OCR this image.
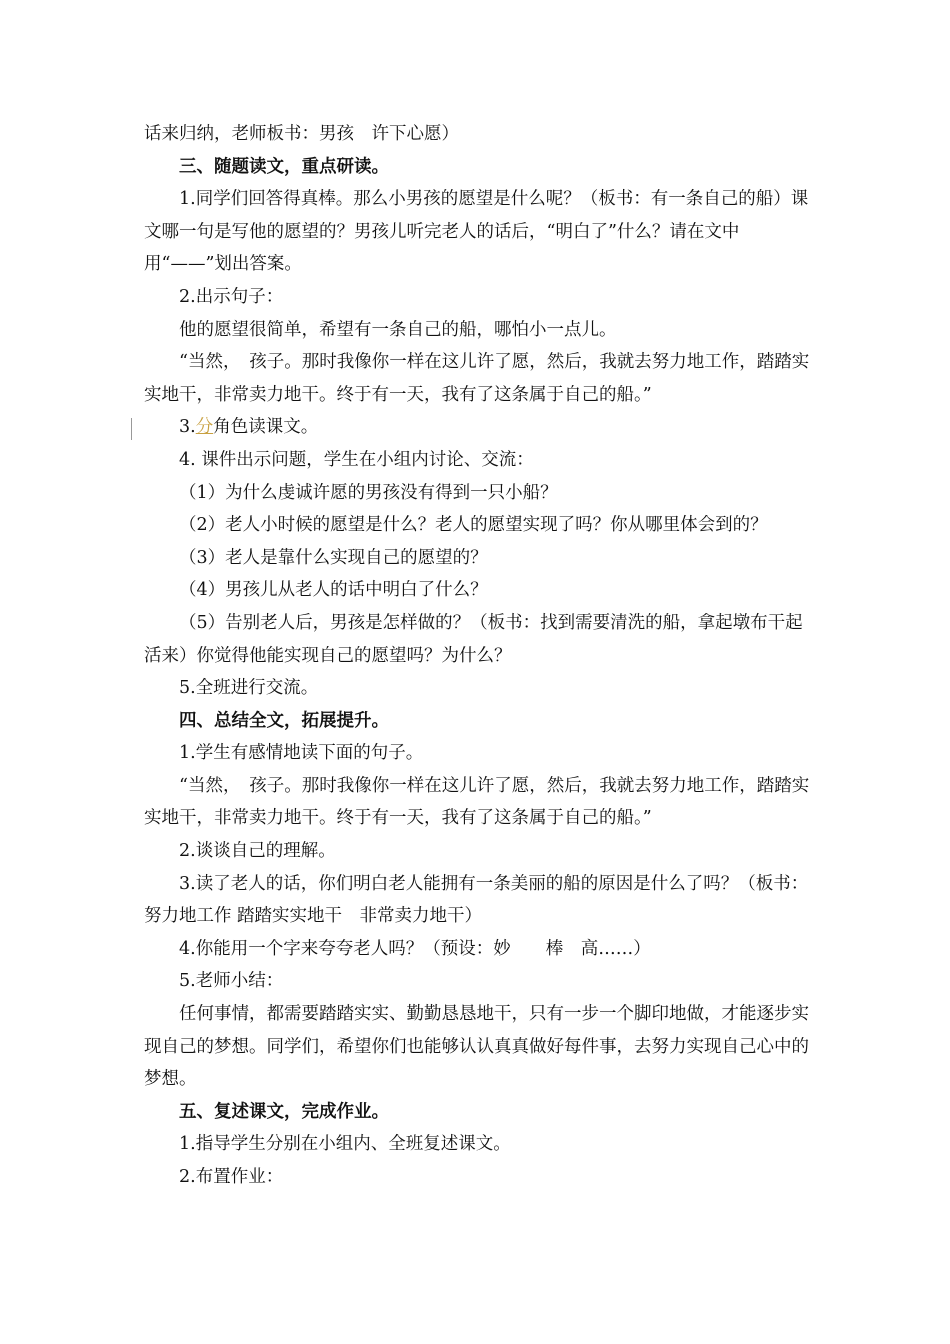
话来归纳，老师板书：男孩　许下心愿）

三、随题读文，重点研读。

1.同学们回答得真棒。那么小男孩的愿望是什么呢？（板书：有一条自己的船）课文哪一句是写他的愿望的？男孩儿听完老人的话后，“明白了”什么？请在文中用“——”划出答案。

2.出示句子：

他的愿望很简单，希望有一条自己的船，哪怕小一点儿。

“当然，　孩子。那时我像你一样在这儿许了愿，然后，我就去努力地工作，踏踏实实地干，非常卖力地干。终于有一天，我有了这条属于自己的船。”

3.分角色读课文。

4. 课件出示问题，学生在小组内讨论、交流：

（1）为什么虔诚许愿的男孩没有得到一只小船？

（2）老人小时候的愿望是什么？老人的愿望实现了吗？你从哪里体会到的？

（3）老人是靠什么实现自己的愿望的？

（4）男孩儿从老人的话中明白了什么？

（5）告别老人后，男孩是怎样做的？（板书：找到需要清洗的船，拿起墩布干起活来）你觉得他能实现自己的愿望吗？为什么？

5.全班进行交流。

四、总结全文，拓展提升。

1.学生有感情地读下面的句子。

“当然，　孩子。那时我像你一样在这儿许了愿，然后，我就去努力地工作，踏踏实实地干，非常卖力地干。终于有一天，我有了这条属于自己的船。”

2.谈谈自己的理解。

3.读了老人的话，你们明白老人能拥有一条美丽的船的原因是什么了吗？（板书：努力地工作 踏踏实实地干　非常卖力地干）

4.你能用一个字来夸夸老人吗？（预设：妙　　棒　高……）

5.老师小结：

任何事情，都需要踏踏实实、勤勤恳恳地干，只有一步一个脚印地做，才能逐步实现自己的梦想。同学们，希望你们也能够认认真真做好每件事，去努力实现自己心中的梦想。

五、复述课文，完成作业。

1.指导学生分别在小组内、全班复述课文。

2.布置作业：
